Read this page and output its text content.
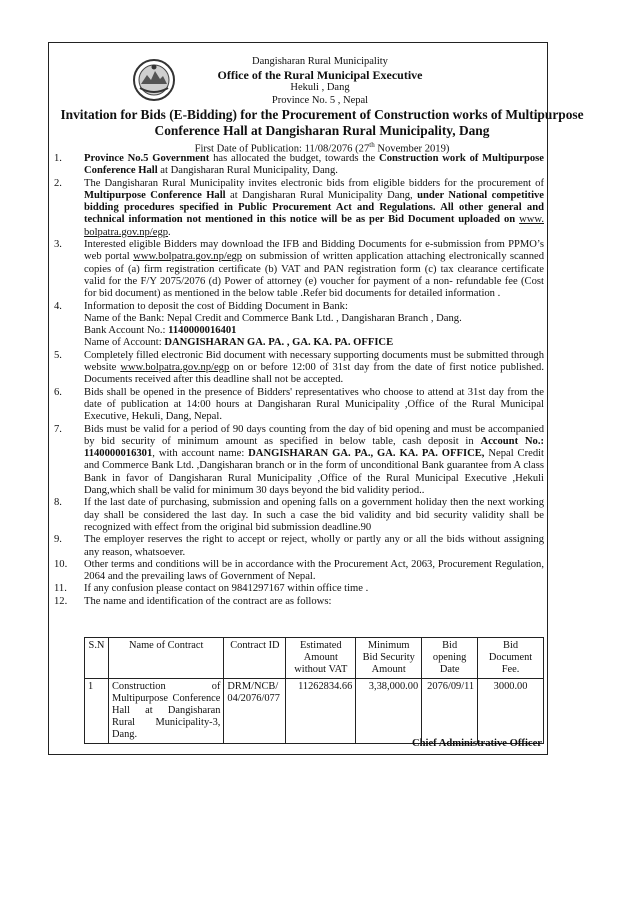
Dangisharan Rural Municipality
Office of the Rural Municipal Executive
Hekuli , Dang
Province No. 5 , Nepal
Invitation for Bids (E-Bidding) for the Procurement of Construction works of Multipurpose Conference Hall at Dangisharan Rural Municipality, Dang
First Date of Publication: 11/08/2076 (27th November 2019)
1.	Province No.5 Government has allocated the budget, towards the Construction work of Multipurpose Conference Hall at Dangisharan Rural Municipality, Dang.
2.	The Dangisharan Rural Municipality invites electronic bids from eligible bidders for the procurement of Multipurpose Conference Hall at Dangisharan Rural Municipality Dang, under National competitive bidding procedures specified in Public Procurement Act and Regulations. All other general and technical information not mentioned in this notice will be as per Bid Document uploaded on www. bolpatra.gov.np/egp.
3.	Interested eligible Bidders may download the IFB and Bidding Documents for e-submission from PPMO’s web portal www.bolpatra.gov.np/egp on submission of written application attaching electronically scanned copies of (a) firm registration certificate (b) VAT and PAN registration form (c) tax clearance certificate valid for the F/Y 2075/2076 (d) Power of attorney (e) voucher for payment of a non- refundable fee (Cost for bid document) as mentioned in the below table .Refer bid documents for detailed information .
4.	Information to deposit the cost of Bidding Document in Bank:
Name of the Bank: Nepal Credit and Commerce Bank Ltd. , Dangisharan Branch , Dang.
Bank Account No.: 1140000016401
Name of Account: DANGISHARAN GA. PA. , GA. KA. PA. OFFICE
5.	Completely filled electronic Bid document with necessary supporting documents must be submitted through website www.bolpatra.gov.np/egp on or before 12:00 of 31st day from the date of first notice published. Documents received after this deadline shall not be accepted.
6.	Bids shall be opened in the presence of Bidders' representatives who choose to attend at 31st day from the date of publication at 14:00 hours at Dangisharan Rural Municipality ,Office of the Rural Municipal Executive, Hekuli, Dang, Nepal.
7.	Bids must be valid for a period of 90 days counting from the day of bid opening and must be accompanied by bid security of minimum amount as specified in below table, cash deposit in Account No.: 1140000016301, with account name: DANGISHARAN GA. PA., GA. KA. PA. OFFICE, Nepal Credit and Commerce Bank Ltd. ,Dangisharan branch or in the form of unconditional Bank guarantee from A class Bank in favor of Dangisharan Rural Municipality ,Office of the Rural Municipal Executive ,Hekuli Dang,which shall be valid for minimum 30 days beyond the bid validity period..
8.	If the last date of purchasing, submission and opening falls on a government holiday then the next working day shall be considered the last day. In such a case the bid validity and bid security validity shall be recognized with effect from the original bid submission deadline.90
9.	The employer reserves the right to accept or reject, wholly or partly any or all the bids without assigning any reason, whatsoever.
10.	Other terms and conditions will be in accordance with the Procurement Act, 2063, Procurement Regulation, 2064 and the prevailing laws of Government of Nepal.
11.	If any confusion please contact on 9841297167 within office time .
12.	The name and identification of the contract are as follows:
S.N	Name of Contract	Contract ID	Estimated Amount without VAT	Minimum Bid Security Amount	Bid opening Date	Bid Document Fee.
1	Construction of Multipurpose Conference Hall at Dangisharan Rural Municipality-3, Dang.	DRM/NCB/ 04/2076/077	11262834.66	3,38,000.00	2076/09/11	3000.00
Chief Administrative Officer
